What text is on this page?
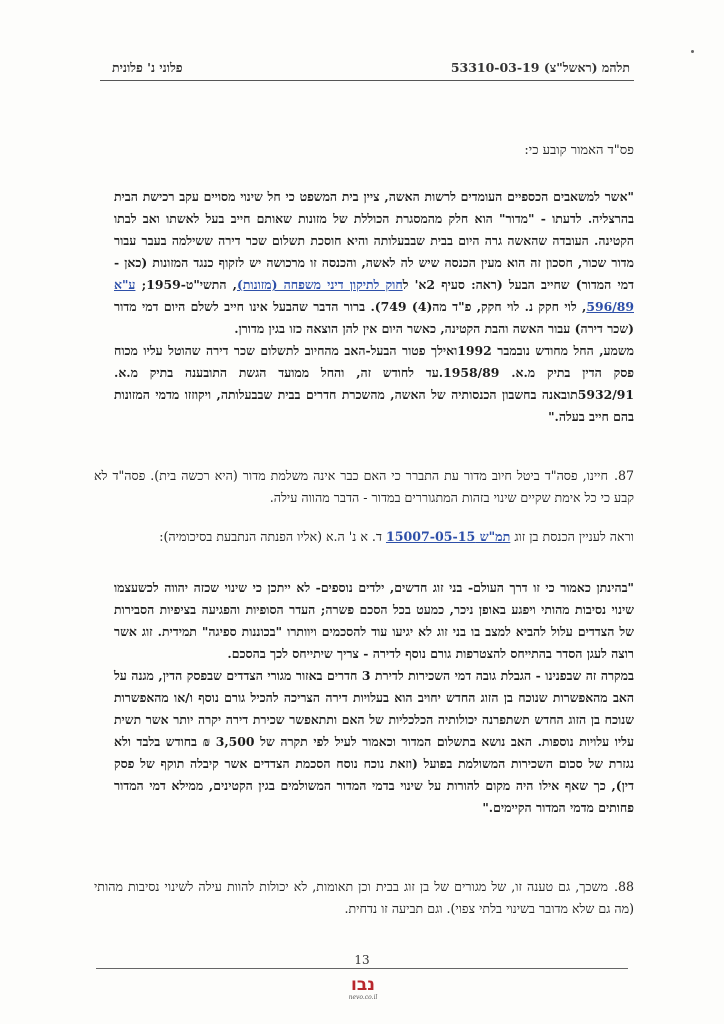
תלהמ (ראשל"צ) 53310-03-19
פלוני נ' פלונית
פס"ד האמור קובע כי:
"אשר למשאבים הכספיים העומדים לרשות האשה, ציין בית המשפט כי חל שינוי מסויים עקב רכישת הבית בהרצליה. לדעתו - "מדור" הוא חלק מהמסגרת הכוללת של מזונות שאותם חייב בעל לאשתו ואב לבתו הקטינה. העובדה שהאשה גרה היום בבית שבבעלותה והיא חוסכת תשלום שכר דירה ששילמה בעבר עבור מדור שכור, חסכון זה הוא מעין הכנסה שיש לה לאשה, והכנסה זו מרכושה יש לזקוף כנגד המזונות (כאן - דמי המדור) שחייב הבעל (ראה: סעיף 2א' לחוק לתיקון דיני משפחה (מזונות), התשי"ט-1959; ע"א 596/89, לוי חקק נ. לוי חקק, פ"ד מה(4) 749). ברור הדבר שהבעל אינו חייב לשלם היום דמי מדור (שכר דירה) עבור האשה והבת הקטינה, כאשר היום אין להן הוצאה כזו בגין מדורן.
משמע, החל מחודש נובמבר 1992ואילך פטור הבעל-האב מהחיוב לתשלום שכר דירה שהוטל עליו מכוח פסק הדין בתיק מ.א. 1958/89.עד לחודש זה, והחל ממועד הגשת התובענה בתיק מ.א. 5932/91תובאנה בחשבון הכנסותיה של האשה, מהשכרת חדרים בבית שבבעלותה, ויקוזזו מדמי המזונות בהם חייב בעלה."
87.חיינו, פסה"ד ביטל חיוב מדור עת התברר כי האם כבר אינה משלמת מדור (היא רכשה בית). פסה"ד לא קבע כי כל אימת שקיים שינוי בזהות המתגוררים במדור - הדבר מהווה עילה.
וראה לעניין הכנסת בן זוג תמ"ש 15007-05-15 ד. א נ' ה.א (אליו הפנתה הנתבעת בסיכומיה):
"בהינתן כאמור כי זו דרך העולם- בני זוג חדשים, ילדים נוספים- לא ייתכן כי שינוי שכזה יהווה לכשעצמו שינוי נסיבות מהותי ויפגע באופן ניכר, כמעט בכל הסכם פשרה; העדר הסופיות והפגיעה בציפיות הסבירות של הצדדים עלול להביא למצב בו בני זוג לא יגיעו עוד להסכמים ויוותרו "בכוננות ספיגה" תמידית. זוג אשר רוצה לעגן הסדר בהתייחס להצטרפות גורם נוסף לדירה - צריך שיתייחס לכך בהסכם.
במקרה זה שבפנינו - הגבלת גובה דמי השכירות לדירת 3 חדרים באזור מגורי הצדדים שבפסק הדין, מגנה על האב מהאפשרות שנוכח בן הזוג החדש יחויב הוא בעלויות דירה הצריכה להכיל גורם נוסף ו/או מהאפשרות שנוכח בן הזוג החדש תשתפרנה יכולותיה הכלכליות של האם ותתאפשר שכירת דירה יקרה יותר אשר תשית עליו עלויות נוספות. האב נושא בתשלום המדור וכאמור לעיל לפי תקרה של 3,500 ₪ בחודש בלבד ולא נגזרת של סכום השכירות המשולמת בפועל (וזאת נוכח נוסח הסכמת הצדדים אשר קיבלה תוקף של פסק דין), כך שאף אילו היה מקום להורות על שינוי בדמי המדור המשולמים בגין הקטינים, ממילא דמי המדור פחותים מדמי המדור הקיימים."
88.משכך, גם טענה זו, של מגורים של בן זוג בבית וכן תאומות, לא יכולות להוות עילה לשינוי נסיבות מהותי (מה גם שלא מדובר בשינוי בלתי צפוי). וגם תביעה זו נדחית.
13
נבו
nevo.co.il
